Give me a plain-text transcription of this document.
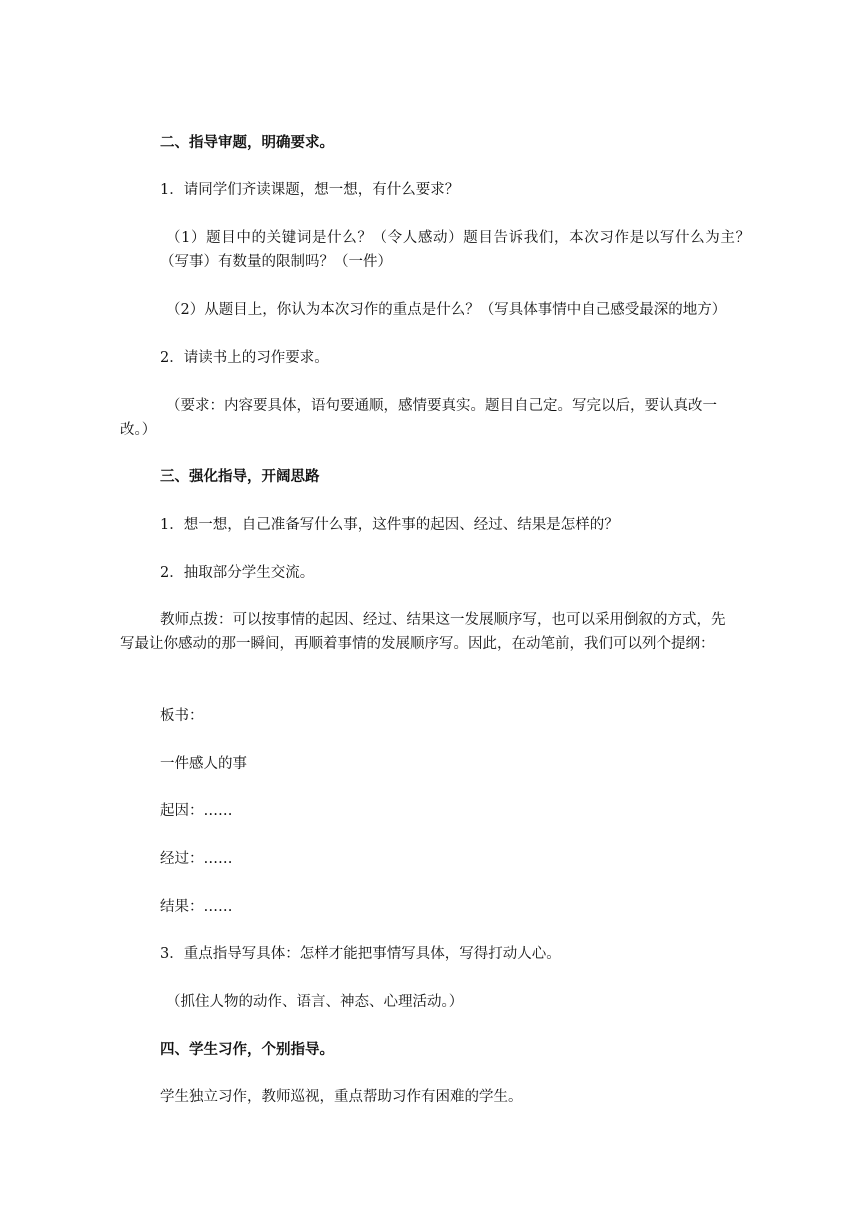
二、指导审题，明确要求。
1．请同学们齐读课题，想一想，有什么要求？
（1）题目中的关键词是什么？（令人感动）题目告诉我们，本次习作是以写什么为主？（写事）有数量的限制吗？（一件）
（2）从题目上，你认为本次习作的重点是什么？（写具体事情中自己感受最深的地方）
2．请读书上的习作要求。
（要求：内容要具体，语句要通顺，感情要真实。题目自己定。写完以后，要认真改一改。）
三、强化指导，开阔思路
1．想一想，自己准备写什么事，这件事的起因、经过、结果是怎样的？
2．抽取部分学生交流。
教师点拨：可以按事情的起因、经过、结果这一发展顺序写，也可以采用倒叙的方式，先写最让你感动的那一瞬间，再顺着事情的发展顺序写。因此，在动笔前，我们可以列个提纲：
板书：
一件感人的事
起因：……
经过：……
结果：……
3．重点指导写具体：怎样才能把事情写具体，写得打动人心。
（抓住人物的动作、语言、神态、心理活动。）
四、学生习作，个别指导。
学生独立习作，教师巡视，重点帮助习作有困难的学生。
